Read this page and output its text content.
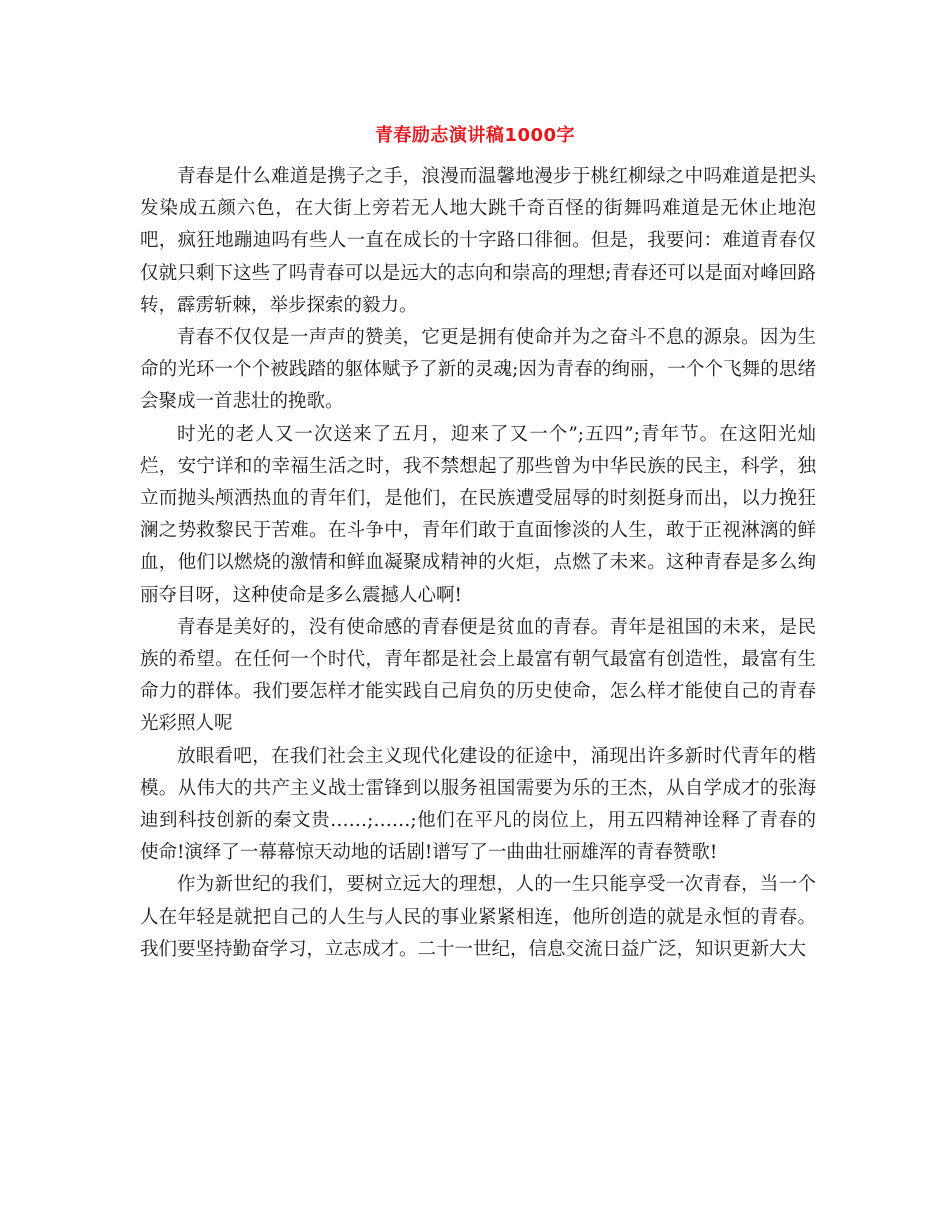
青春励志演讲稿1000字

青春是什么难道是携子之手，浪漫而温馨地漫步于桃红柳绿之中吗难道是把头发染成五颜六色，在大街上旁若无人地大跳千奇百怪的街舞吗难道是无休止地泡吧，疯狂地蹦迪吗有些人一直在成长的十字路口徘徊。但是，我要问：难道青春仅仅就只剩下这些了吗青春可以是远大的志向和崇高的理想;青春还可以是面对峰回路转，霹雳斩棘，举步探索的毅力。

青春不仅仅是一声声的赞美，它更是拥有使命并为之奋斗不息的源泉。因为生命的光环一个个被践踏的躯体赋予了新的灵魂;因为青春的绚丽，一个个飞舞的思绪会聚成一首悲壮的挽歌。

时光的老人又一次送来了五月，迎来了又一个”;五四”;青年节。在这阳光灿烂，安宁详和的幸福生活之时，我不禁想起了那些曾为中华民族的民主，科学，独立而抛头颅洒热血的青年们，是他们，在民族遭受屈辱的时刻挺身而出，以力挽狂澜之势救黎民于苦难。在斗争中，青年们敢于直面惨淡的人生，敢于正视淋漓的鲜血，他们以燃烧的激情和鲜血凝聚成精神的火炬，点燃了未来。这种青春是多么绚丽夺目呀，这种使命是多么震撼人心啊!

青春是美好的，没有使命感的青春便是贫血的青春。青年是祖国的未来，是民族的希望。在任何一个时代，青年都是社会上最富有朝气最富有创造性，最富有生命力的群体。我们要怎样才能实践自己肩负的历史使命，怎么样才能使自己的青春光彩照人呢

放眼看吧，在我们社会主义现代化建设的征途中，涌现出许多新时代青年的楷模。从伟大的共产主义战士雷锋到以服务祖国需要为乐的王杰，从自学成才的张海迪到科技创新的秦文贵……;……;他们在平凡的岗位上，用五四精神诠释了青春的使命!演绎了一幕幕惊天动地的话剧!谱写了一曲曲壮丽雄浑的青春赞歌!

作为新世纪的我们，要树立远大的理想，人的一生只能享受一次青春，当一个人在年轻是就把自己的人生与人民的事业紧紧相连，他所创造的就是永恒的青春。我们要坚持勤奋学习，立志成才。二十一世纪，信息交流日益广泛，知识更新大大
